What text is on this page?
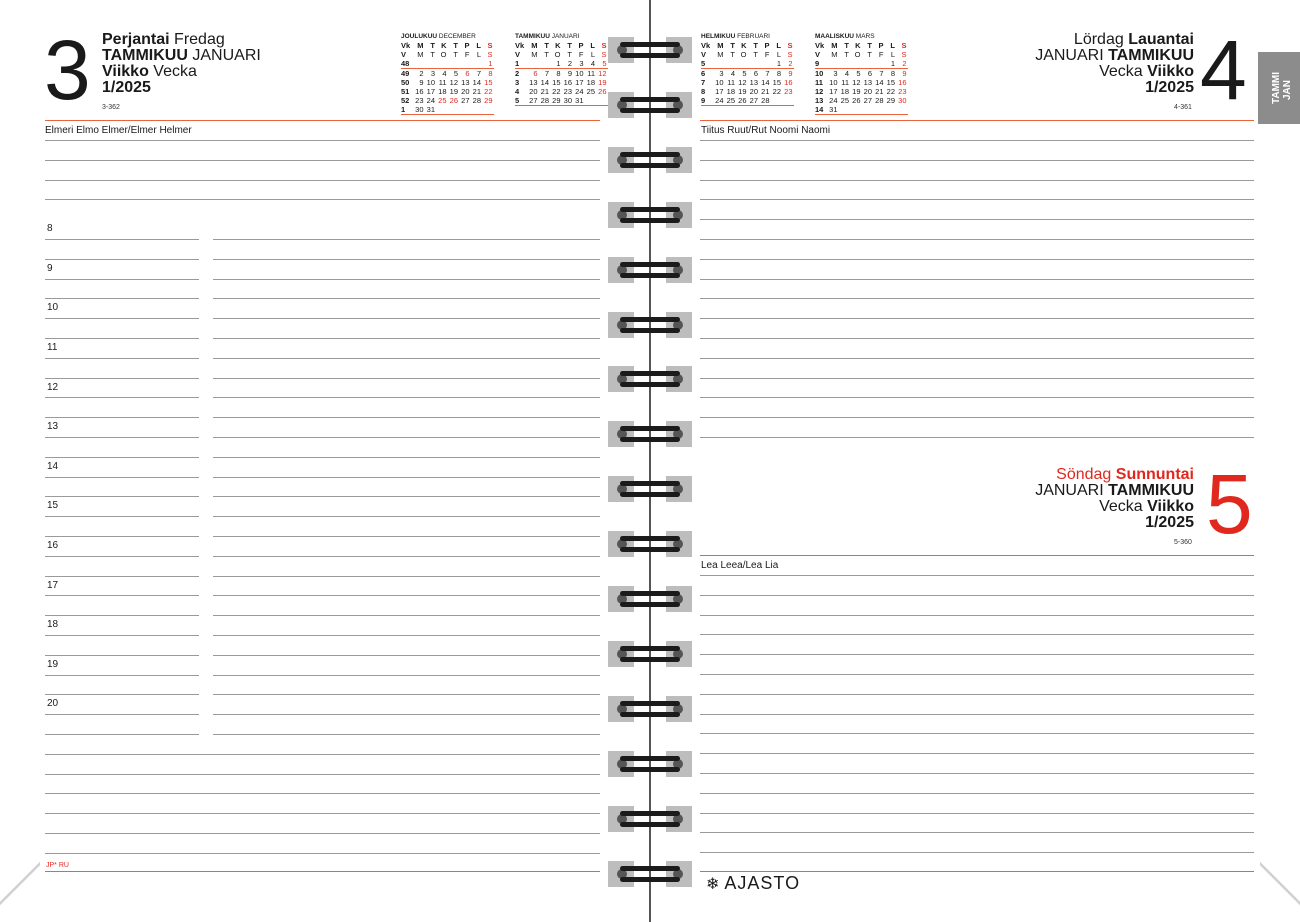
3 Perjantai Fredag
TAMMIKUU JANUARI
Viikko Vecka
1/2025
3-362
JOULUKUU DECEMBER
Vk	M	T	K	T	P	L	S
V	M	T	O	T	F	L	S
48							1
49	2	3	4	5	6	7	8
50	9	10	11	12	13	14	15
51	16	17	18	19	20	21	22
52	23	24	25	26	27	28	29
1	30	31					
TAMMIKUU JANUARI
Vk	M	T	K	T	P	L	S
V	M	T	O	T	F	L	S
1			1	2	3	4	5
2	6	7	8	9	10	11	12
3	13	14	15	16	17	18	19
4	20	21	22	23	24	25	26
5	27	28	29	30	31		
HELMIKUU FEBRUARI
Vk	M	T	K	T	P	L	S
V	M	T	O	T	F	L	S
5						1	2
6	3	4	5	6	7	8	9
7	10	11	12	13	14	15	16
8	17	18	19	20	21	22	23
9	24	25	26	27	28		
MAALISKUU MARS
Vk	M	T	K	T	P	L	S
V	M	T	O	T	F	L	S
9						1	2
10	3	4	5	6	7	8	9
11	10	11	12	13	14	15	16
12	17	18	19	20	21	22	23
13	24	25	26	27	28	29	30
14	31						
Elmeri Elmo Elmer/Elmer Helmer
JP* RU
Lördag Lauantai
JANUARI TAMMIKUU
Vecka Viikko
1/2025 4
4-361
TAMMI JAN
Tiitus Ruut/Rut Noomi Naomi
Söndag Sunnuntai
JANUARI TAMMIKUU
Vecka Viikko
1/2025 5
5-360
Lea Leea/Lea Lia
❄ AJASTO
8
9
10
11
12
13
14
15
16
17
18
19
20
